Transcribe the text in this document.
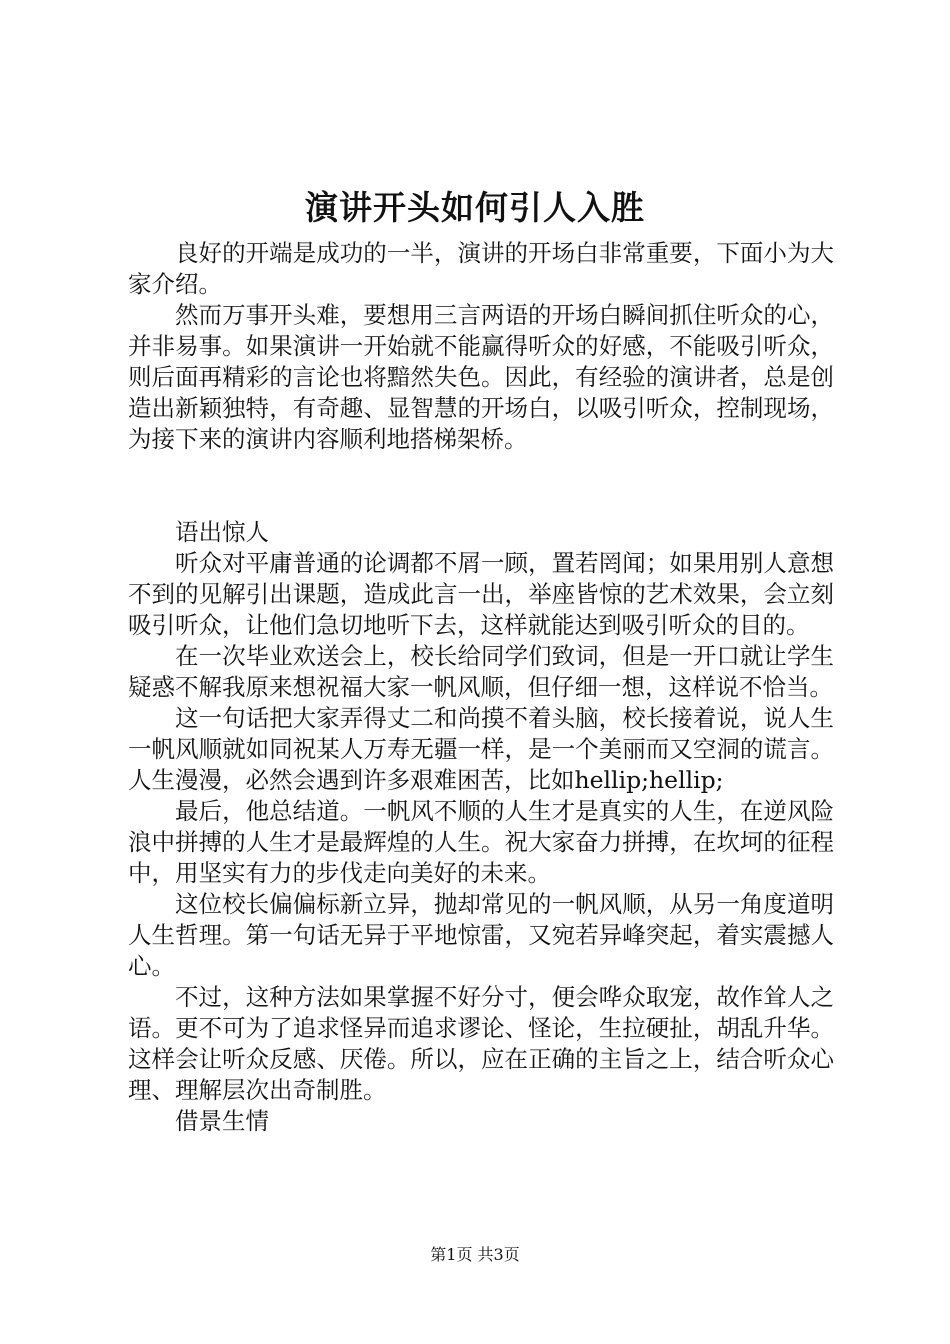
演讲开头如何引人入胜

良好的开端是成功的一半，演讲的开场白非常重要，下面小为大家介绍。

然而万事开头难，要想用三言两语的开场白瞬间抓住听众的心，并非易事。如果演讲一开始就不能赢得听众的好感，不能吸引听众，则后面再精彩的言论也将黯然失色。因此，有经验的演讲者，总是创造出新颖独特，有奇趣、显智慧的开场白，以吸引听众，控制现场，为接下来的演讲内容顺利地搭梯架桥。

语出惊人

听众对平庸普通的论调都不屑一顾，置若罔闻；如果用别人意想不到的见解引出课题，造成此言一出，举座皆惊的艺术效果，会立刻吸引听众，让他们急切地听下去，这样就能达到吸引听众的目的。

在一次毕业欢送会上，校长给同学们致词，但是一开口就让学生疑惑不解我原来想祝福大家一帆风顺，但仔细一想，这样说不恰当。

这一句话把大家弄得丈二和尚摸不着头脑，校长接着说，说人生一帆风顺就如同祝某人万寿无疆一样，是一个美丽而又空洞的谎言。人生漫漫，必然会遇到许多艰难困苦，比如hellip;hellip;

最后，他总结道。一帆风不顺的人生才是真实的人生，在逆风险浪中拼搏的人生才是最辉煌的人生。祝大家奋力拼搏，在坎坷的征程中，用坚实有力的步伐走向美好的未来。

这位校长偏偏标新立异，抛却常见的一帆风顺，从另一角度道明人生哲理。第一句话无异于平地惊雷，又宛若异峰突起，着实震撼人心。

不过，这种方法如果掌握不好分寸，便会哗众取宠，故作耸人之语。更不可为了追求怪异而追求谬论、怪论，生拉硬扯，胡乱升华。这样会让听众反感、厌倦。所以，应在正确的主旨之上，结合听众心理、理解层次出奇制胜。

借景生情

第1页 共3页
